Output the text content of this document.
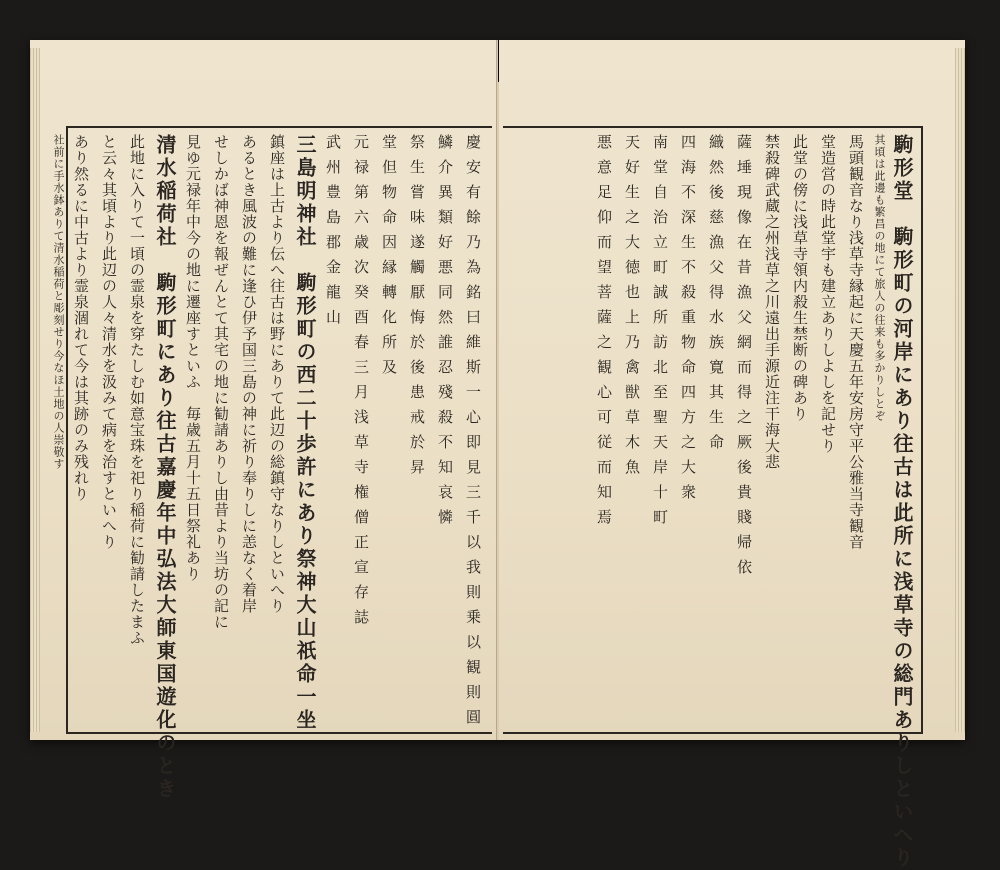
慶安有餘乃為銘曰維斯一心即見三千以我則乗以観則圓
鱗介異類好悪同然誰忍殘殺不知哀憐
祭生嘗味遂觸厭悔於後患戒於昇
堂但物命因縁轉化所及
元禄第六歳次癸酉春三月浅草寺権僧正宣存誌
武州豊島郡金龍山
三島明神社　駒形町の西二十歩許にあり祭神大山祇命一坐
鎮座は上古より伝へ往古は野にありて此辺の総鎮守なりしといへり
あるとき風波の難に逢ひ伊予国三島の神に祈り奉りしに恙なく着岸
せしかば神恩を報ぜんとて其宅の地に勧請ありし由昔より当坊の記に
見ゆ元禄年中今の地に遷座すといふ　毎歳五月十五日祭礼あり
清水稲荷社　駒形町にあり往古嘉慶年中弘法大師東国遊化のとき
此地に入りて一頃の霊泉を穿たしむ如意宝珠を祀り稲荷に勧請したまふ
と云々其頃より此辺の人々清水を汲みて病を治すといへり
あり然るに中古より霊泉涸れて今は其跡のみ残れり
社前に手水鉢ありて清水稲荷と彫刻せり今なほ土地の人崇敬す	駒形堂　駒形町の河岸にあり往古は此所に浅草寺の総門ありしといへり
其頃は此邊も繁昌の地にて旅人の往来も多かりしとぞ
馬頭観音なり浅草寺縁起に天慶五年安房守平公雅当寺観音
堂造営の時此堂宇も建立ありしよしを記せり
此堂の傍に浅草寺領内殺生禁断の碑あり
禁殺碑武蔵之州浅草之川遠出手源近注干海大悲
薩埵現像在昔漁父網而得之厥後貴賤帰依
織然後慈漁父得水族寛其生命
四海不深生不殺重物命四方之大衆
南堂自治立町誠所訪北至聖天岸十町
天好生之大徳也上乃禽獣草木魚
悪意足仰而望菩薩之観心可従而知焉
